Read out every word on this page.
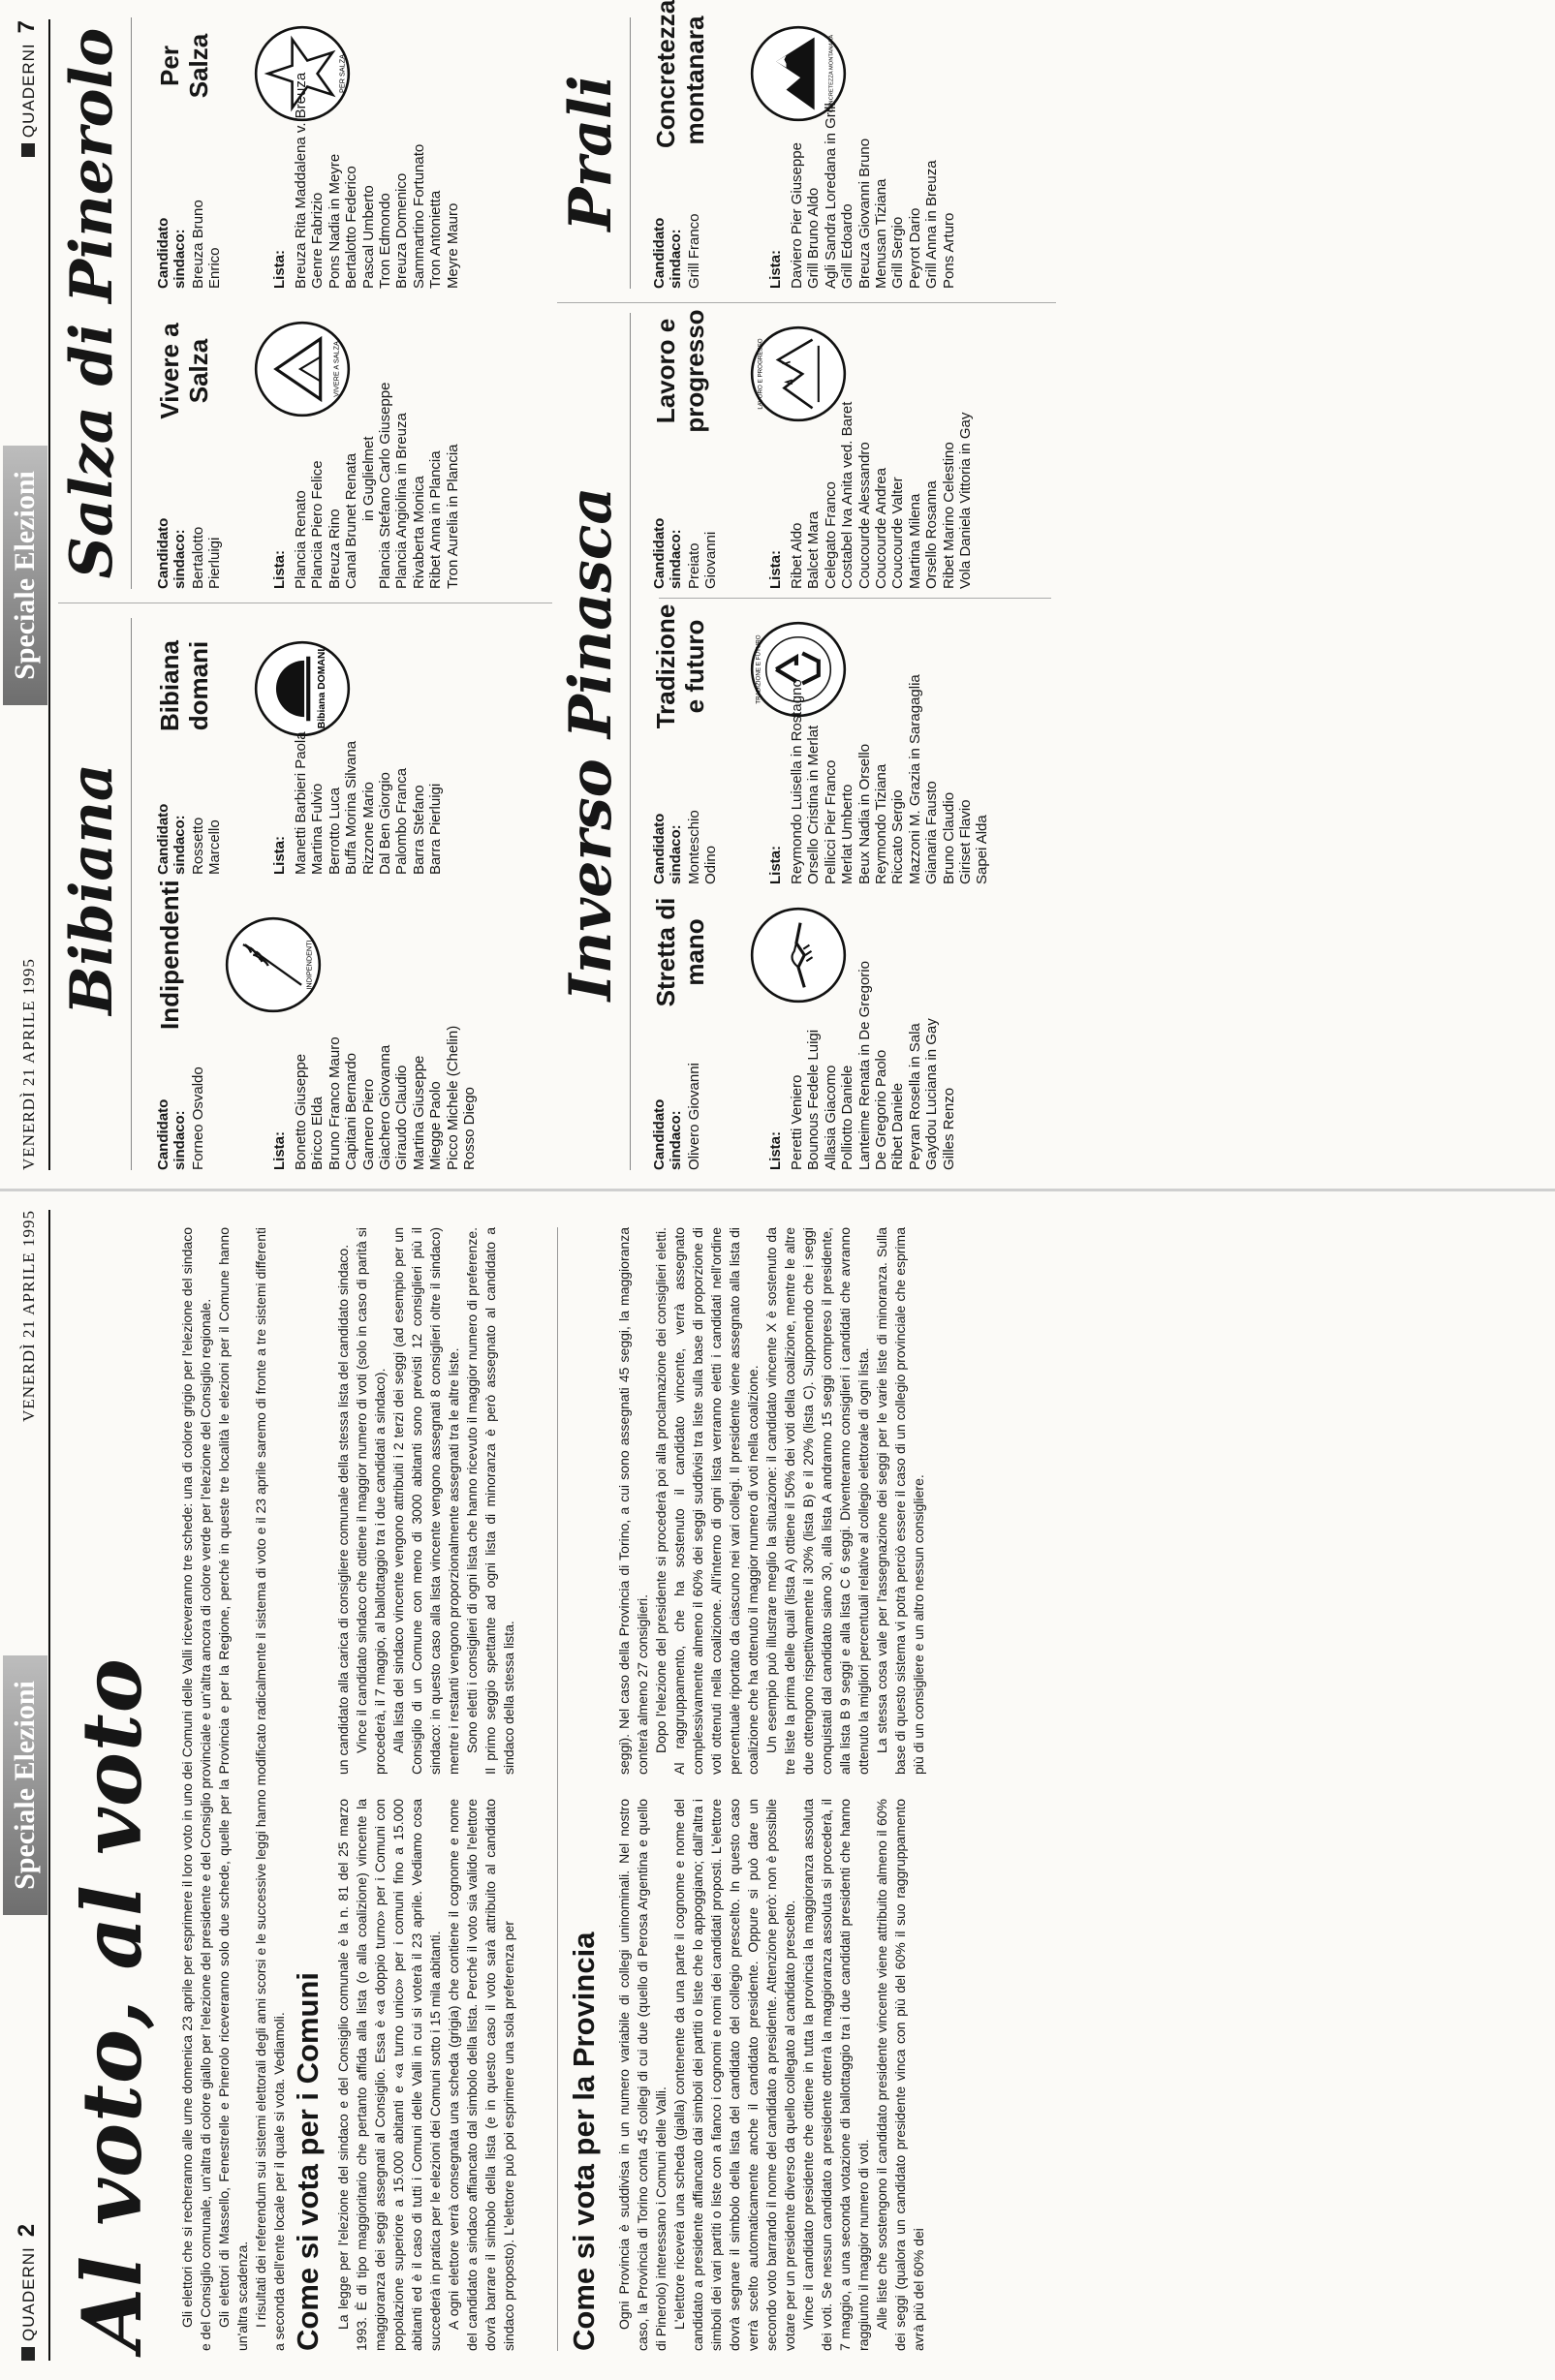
QUADERNI2
Speciale Elezioni
VENERDÌ 21 APRILE 1995
Al voto, al voto Gli elettori che si recheranno alle urne domenica 23 aprile per esprimere il loro voto in uno dei Comuni delle Valli riceveranno tre schede: una di colore grigio per l'elezione del sindaco e del Consiglio comunale, un'altra di colore giallo per l'elezione del presidente e del Consiglio provinciale e un'altra ancora di colore verde per l'elezione del Consiglio regionale. Gli elettori di Massello, Fenestrelle e Pinerolo riceveranno solo due schede, quelle per la Provincia e per la Regione, perché in queste tre località le elezioni per il Comune hanno un'altra scadenza. I risultati dei referendum sui sistemi elettorali degli anni scorsi e le successive leggi hanno modificato radicalmente il sistema di voto e il 23 aprile saremo di fronte a tre sistemi differenti a seconda dell'ente locale per il quale si vota. Vediamoli. Come si vota per i Comuni La legge per l'elezione del sindaco e del Consiglio comunale è la n. 81 del 25 marzo 1993. È di tipo maggioritario che pertanto affida alla lista (o alla coalizione) vincente la maggioranza dei seggi assegnati al Consiglio. Essa è «a doppio turno» per i Comuni con popolazione superiore a 15.000 abitanti e «a turno unico» per i comuni fino a 15.000 abitanti ed è il caso di tutti i Comuni delle Valli in cui si voterà il 23 aprile. Vediamo cosa succederà in pratica per le elezioni dei Comuni sotto i 15 mila abitanti. A ogni elettore verrà consegnata una scheda (grigia) che contiene il cognome e nome del candidato a sindaco affiancato dal simbolo della lista. Perché il voto sia valido l'elettore dovrà barrare il simbolo della lista (e in questo caso il voto sarà attribuito al candidato sindaco proposto). L'elettore può poi esprimere una sola preferenza per

un candidato alla carica di consigliere comunale della stessa lista del candidato sindaco. Vince il candidato sindaco che ottiene il maggior numero di voti (solo in caso di parità si procederà, il 7 maggio, al ballottaggio tra i due candidati a sindaco). Alla lista del sindaco vincente vengono attribuiti i 2 terzi dei seggi (ad esempio per un Consiglio di un Comune con meno di 3000 abitanti sono previsti 12 consiglieri più il sindaco: in questo caso alla lista vincente vengono assegnati 8 consiglieri oltre il sindaco) mentre i restanti vengono proporzionalmente assegnati tra le altre liste. Sono eletti i consiglieri di ogni lista che hanno ricevuto il maggior numero di preferenze. Il primo seggio spettante ad ogni lista di minoranza è però assegnato al candidato a sindaco della stessa lista.

Come si vota per la Provincia Ogni Provincia è suddivisa in un numero variabile di collegi uninominali. Nel nostro caso, la Provincia di Torino conta 45 collegi di cui due (quello di Perosa Argentina e quello di Pinerolo) interessano i Comuni delle Valli. L'elettore riceverà una scheda (gialla) contenente da una parte il cognome e nome del candidato a presidente affiancato dai simboli dei partiti o liste che lo appoggiano; dall'altra i simboli dei vari partiti o liste con a fianco i cognomi e nomi dei candidati proposti. L'elettore dovrà segnare il simbolo della lista del candidato del collegio prescelto. In questo caso verrà scelto automaticamente anche il candidato presidente. Oppure si può dare un secondo voto barrando il nome del candidato a presidente. Attenzione però: non è possibile votare per un presidente diverso da quello collegato al candidato prescelto. Vince il candidato presidente che ottiene in tutta la provincia la maggioranza assoluta dei voti. Se nessun candidato a presidente otterrà la maggioranza assoluta si procederà, il 7 maggio, a una seconda votazione di ballottaggio tra i due candidati presidenti che hanno raggiunto il maggior numero di voti. Alle liste che sostengono il candidato presidente vincente viene attribuito almeno il 60% dei seggi (qualora un candidato presidente vinca con più del 60% il suo raggruppamento avrà più del 60% dei

seggi). Nel caso della Provincia di Torino, a cui sono assegnati 45 seggi, la maggioranza conterà almeno 27 consiglieri. Dopo l'elezione del presidente si procederà poi alla proclamazione dei consiglieri eletti. Al raggruppamento, che ha sostenuto il candidato vincente, verrà assegnato complessivamente almeno il 60% dei seggi suddivisi tra liste sulla base di proporzione di voti ottenuti nella coalizione. All'interno di ogni lista verranno eletti i candidati nell'ordine percentuale riportato da ciascuno nei vari collegi. Il presidente viene assegnato alla lista di coalizione che ha ottenuto il maggior numero di voti nella coalizione. Un esempio può illustrare meglio la situazione: il candidato vincente X è sostenuto da tre liste la prima delle quali (lista A) ottiene il 50% dei voti della coalizione, mentre le altre due ottengono rispettivamente il 30% (lista B) e il 20% (lista C). Supponendo che i seggi conquistati dal candidato siano 30, alla lista A andranno 15 seggi compreso il presidente, alla lista B 9 seggi e alla lista C 6 seggi. Diventeranno consiglieri i candidati che avranno ottenuto la migliori percentuali relative al collegio elettorale di ogni lista. La stessa cosa vale per l'assegnazione dei seggi per le varie liste di minoranza. Sulla base di questo sistema vi potrà perciò essere il caso di un collegio provinciale che esprima più di un consigliere e un altro nessun consigliere.

VENERDÌ 21 APRILE 1995
Speciale Elezioni
QUADERNI7
Bibiana Indipendenti
Candidato sindaco: Forneo Osvaldo
INDIPENDENTI
Lista: Bonetto Giuseppe Bricco Elda Bruno Franco Mauro Capitani Bernardo Garnero Piero Giachero Giovanna Giraudo Claudio Martina Giuseppe Miegge Paolo Picco Michele (Chelin) Rosso Diego
Bibiana domani
Candidato sindaco: Rossetto Marcello
Bibiana DOMANI
Lista: Manetti Barbieri Paola Martina Fulvio Berrotto Luca Buffa Morina Silvana Rizzone Mario Dal Ben Giorgio Palombo Franca Barra Stefano Barra Pierluigi
Salza di Pinerolo Vivere a Salza
Candidato sindaco: Bertalotto Pierluigi
VIVERE A SALZA
Lista: Plancia Renato Plancia Piero Felice Breuza Rino Canal Brunet Renata in Guglielmet Plancia Stefano Carlo Giuseppe Plancia Angiolina in Breuza Rivaberta Monica Ribet Anna in Plancia Tron Aurelia in Plancia
Per Salza
Candidato sindaco: Breuza Bruno Enrico
PER SALZA
Lista: Breuza Rita Maddalena v. Breuza Genre Fabrizio Pons Nadia in Meyre Bertalotto Federico Pascal Umberto Tron Edmondo Breuza Domenico Sammartino Fortunato Tron Antonietta Meyre Mauro
Inverso Pinasca Stretta di mano
Candidato sindaco: Olivero Giovanni	Lista: Peretti Veniero Bounous Fedele Luigi Allasia Giacomo Polliotto Daniele Lanteime Renata in De Gregorio De Gregorio Paolo Ribet Daniele Peyran Rosella in Sala Gaydou Luciana in Gay Gilles Renzo
Tradizione e futuro
Candidato sindaco: Monteschio Odino
TRADIZIONE E FUTURO
Lista: Reymondo Luisella in Rostagno Orsello Cristina in Merlat Pellicci Pier Franco Merlat Umberto Beux Nadia in Orsello Reymondo Tiziana Riccato Sergio Mazzoni M. Grazia in Saragaglia Gianaria Fausto Bruno Claudio Giriset Flavio Sapei Alda
Lavoro e progresso
Candidato sindaco: Preiato Giovanni
LAVORO E PROGRESSO
Lista: Ribet Aldo Balcet Mara Celegato Franco Costabel Iva Anita ved. Baret Coucourde Alessandro Coucourde Andrea Coucourde Valter Martina Milena Orsello Rosanna Ribet Marino Celestino Vola Daniela Vittoria in Gay
Prali
Concretezza montanara
Candidato sindaco: Grill Franco
CONCRETEZZA MONTANARA
Lista: Daviero Pier Giuseppe Grill Bruno Aldo Agli Sandra Loredana in Grill Grill Edoardo Breuza Giovanni Bruno Menusan Tiziana Grill Sergio Peyrot Dario Grill Anna in Breuza Pons Arturo
